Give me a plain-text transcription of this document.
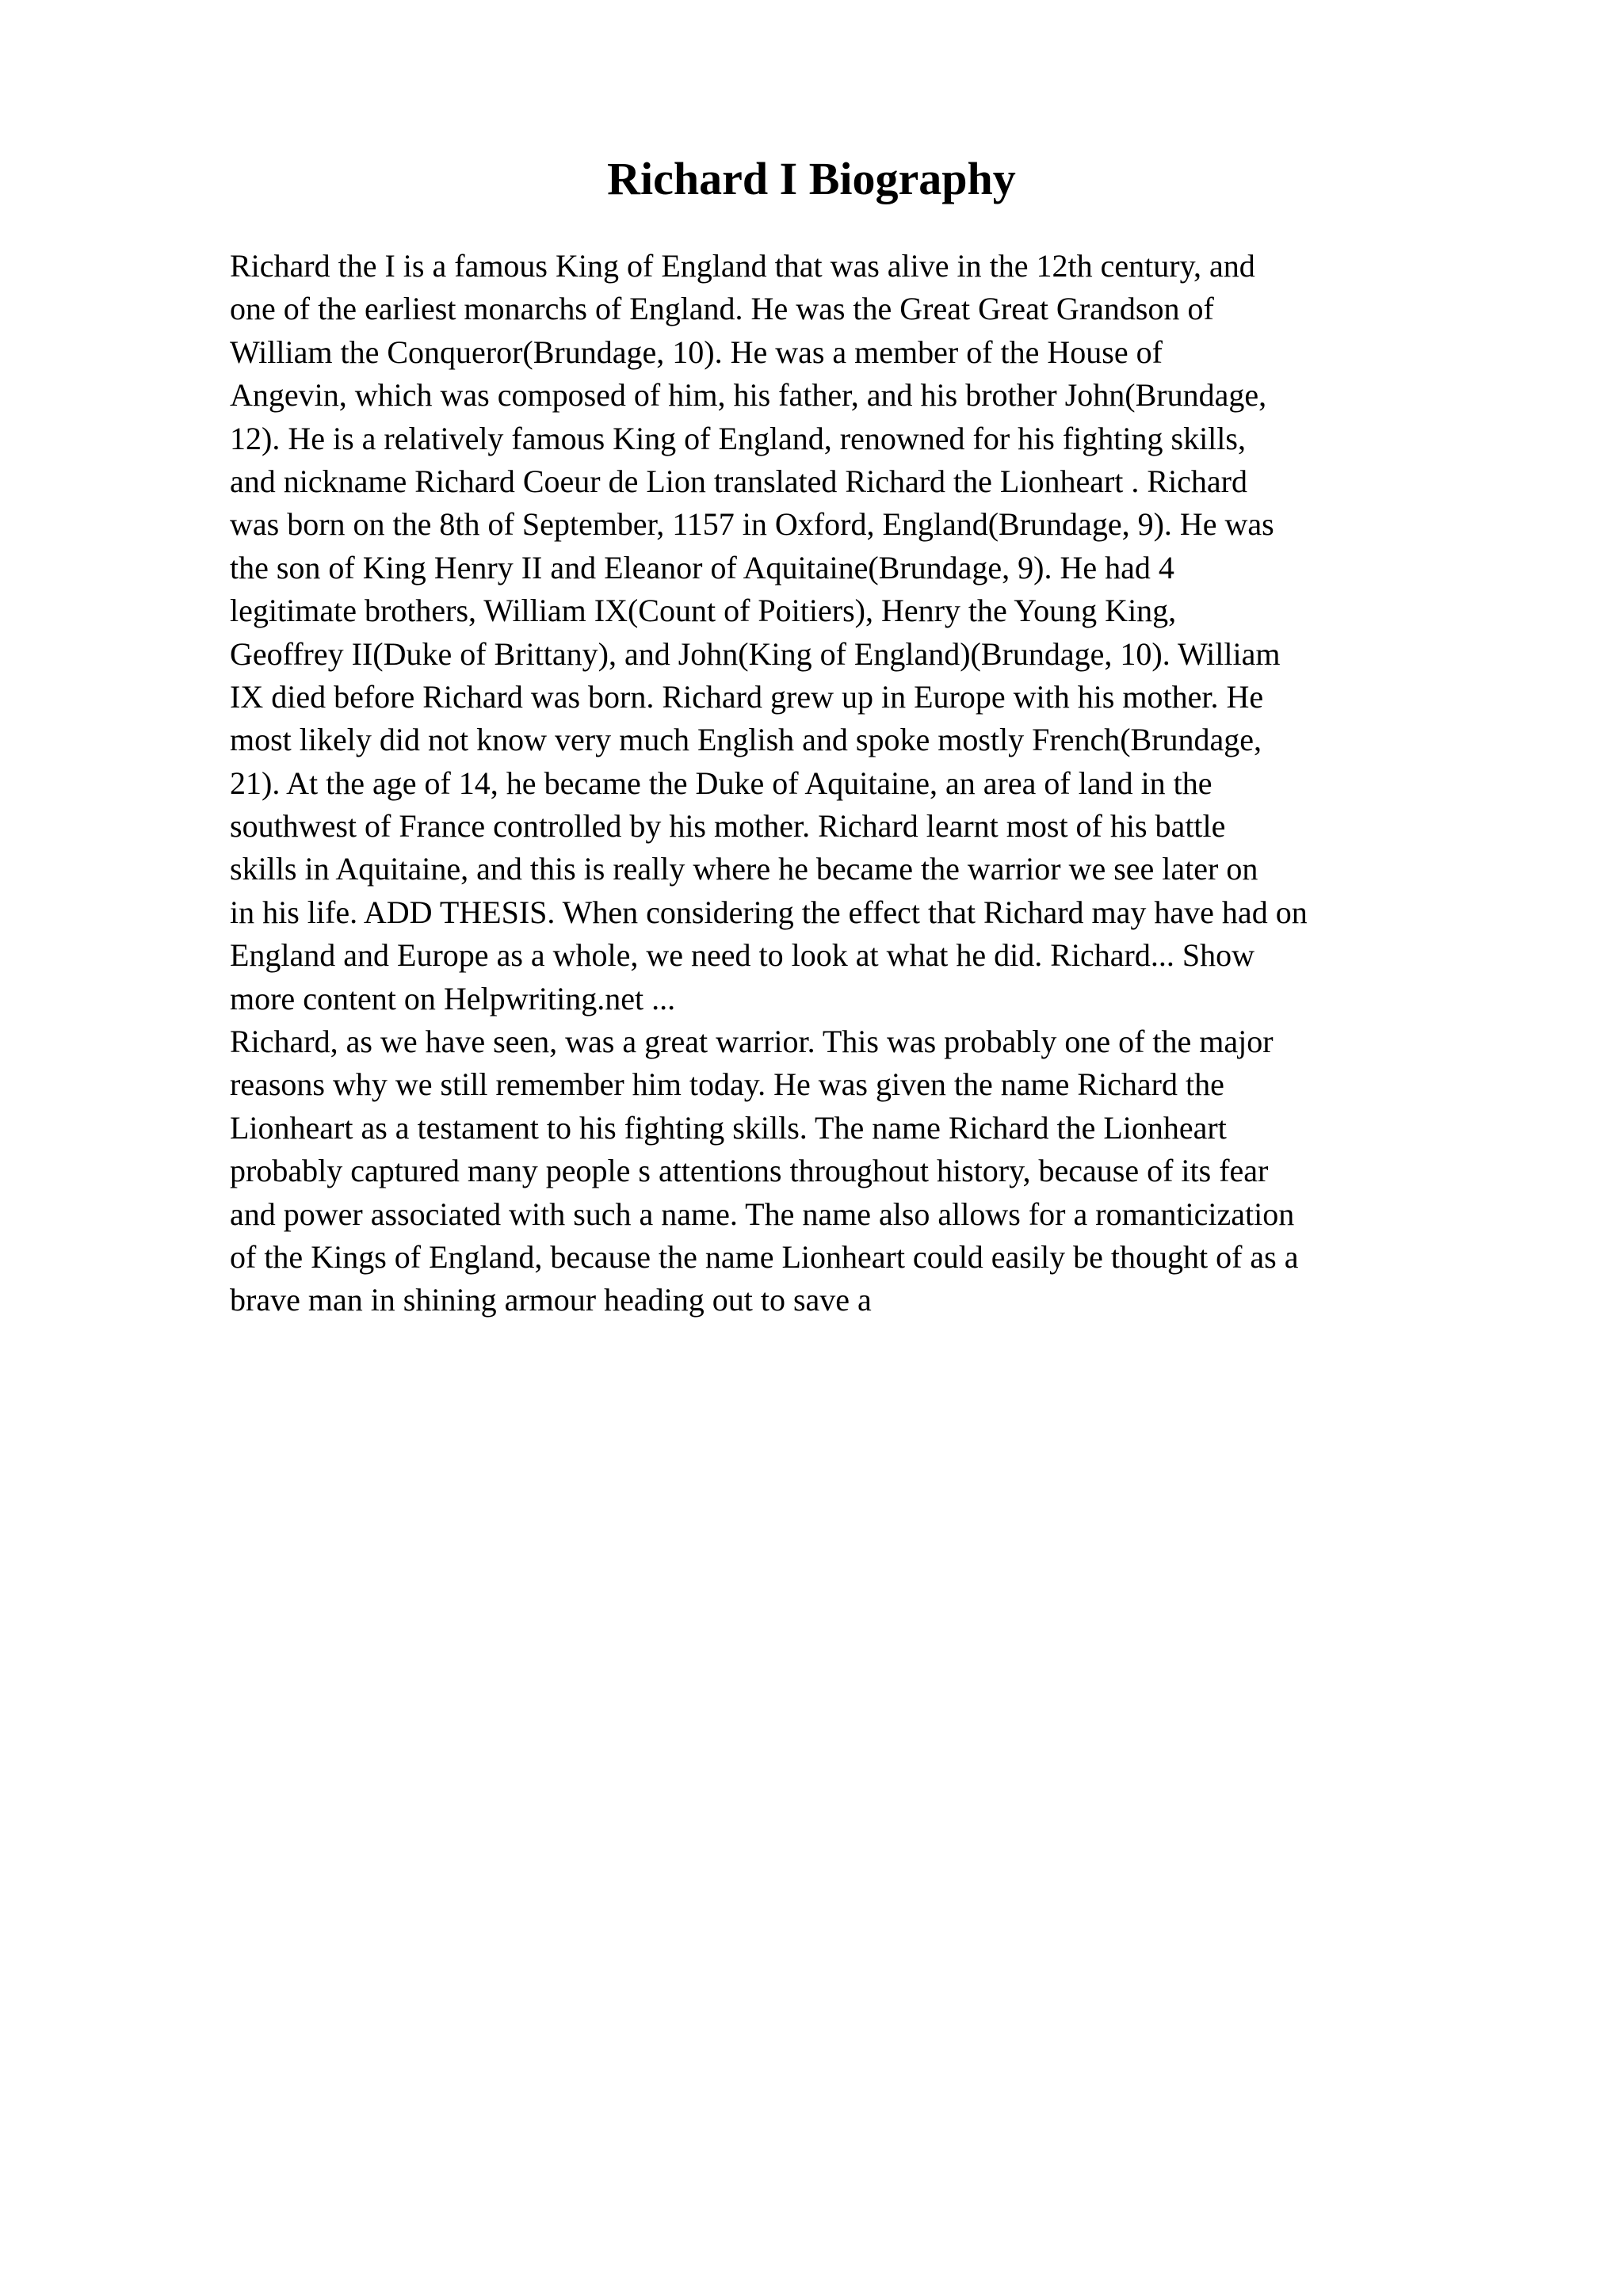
Richard I Biography
Richard the I is a famous King of England that was alive in the 12th century, and
one of the earliest monarchs of England. He was the Great Great Grandson of
William the Conqueror(Brundage, 10). He was a member of the House of
Angevin, which was composed of him, his father, and his brother John(Brundage,
12). He is a relatively famous King of England, renowned for his fighting skills,
and nickname Richard Coeur de Lion translated Richard the Lionheart . Richard
was born on the 8th of September, 1157 in Oxford, England(Brundage, 9). He was
the son of King Henry II and Eleanor of Aquitaine(Brundage, 9). He had 4
legitimate brothers, William IX(Count of Poitiers), Henry the Young King,
Geoffrey II(Duke of Brittany), and John(King of England)(Brundage, 10). William
IX died before Richard was born. Richard grew up in Europe with his mother. He
most likely did not know very much English and spoke mostly French(Brundage,
21). At the age of 14, he became the Duke of Aquitaine, an area of land in the
southwest of France controlled by his mother. Richard learnt most of his battle
skills in Aquitaine, and this is really where he became the warrior we see later on
in his life. ADD THESIS. When considering the effect that Richard may have had on
England and Europe as a whole, we need to look at what he did. Richard... Show
more content on Helpwriting.net ...
Richard, as we have seen, was a great warrior. This was probably one of the major
reasons why we still remember him today. He was given the name Richard the
Lionheart as a testament to his fighting skills. The name Richard the Lionheart
probably captured many people s attentions throughout history, because of its fear
and power associated with such a name. The name also allows for a romanticization
of the Kings of England, because the name Lionheart could easily be thought of as a
brave man in shining armour heading out to save a
